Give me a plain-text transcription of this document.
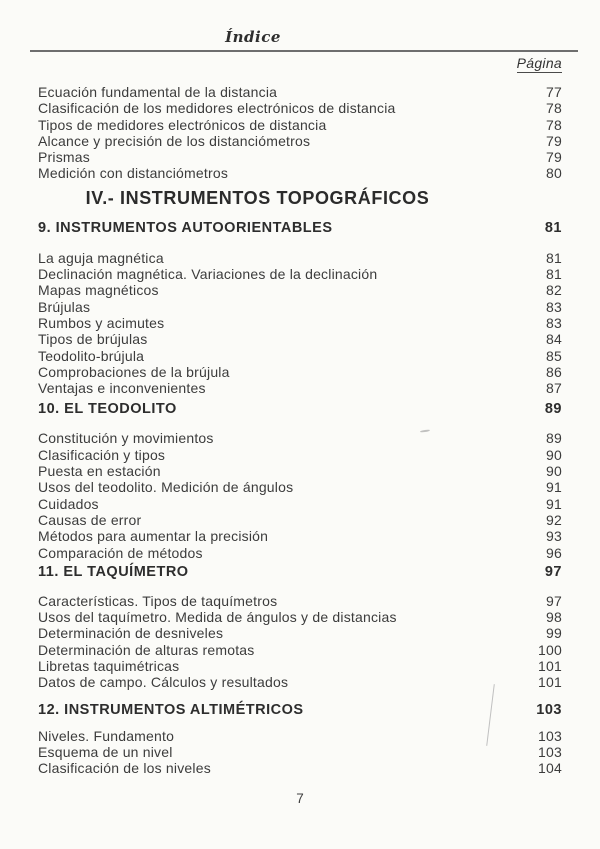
Índice
Página
Ecuación fundamental de la distancia	77
Clasificación de los medidores electrónicos de distancia	78
Tipos de medidores electrónicos de distancia	78
Alcance y precisión de los distanciómetros	79
Prismas	79
Medición con distanciómetros	80
IV.- INSTRUMENTOS TOPOGRÁFICOS
9. INSTRUMENTOS AUTOORIENTABLES	81
La aguja magnética	81
Declinación magnética. Variaciones de la declinación	81
Mapas magnéticos	82
Brújulas	83
Rumbos y acimutes	83
Tipos de brújulas	84
Teodolito-brújula	85
Comprobaciones de la brújula	86
Ventajas e inconvenientes	87
10. EL TEODOLITO	89
Constitución y movimientos	89
Clasificación y tipos	90
Puesta en estación	90
Usos del teodolito. Medición de ángulos	91
Cuidados	91
Causas de error	92
Métodos para aumentar la precisión	93
Comparación de métodos	96
11. EL TAQUÍMETRO	97
Características. Tipos de taquímetros	97
Usos del taquímetro. Medida de ángulos y de distancias	98
Determinación de desniveles	99
Determinación de alturas remotas	100
Libretas taquimétricas	101
Datos de campo. Cálculos y resultados	101
12. INSTRUMENTOS ALTIMÉTRICOS	103
Niveles. Fundamento	103
Esquema de un nivel	103
Clasificación de los niveles	104
7
